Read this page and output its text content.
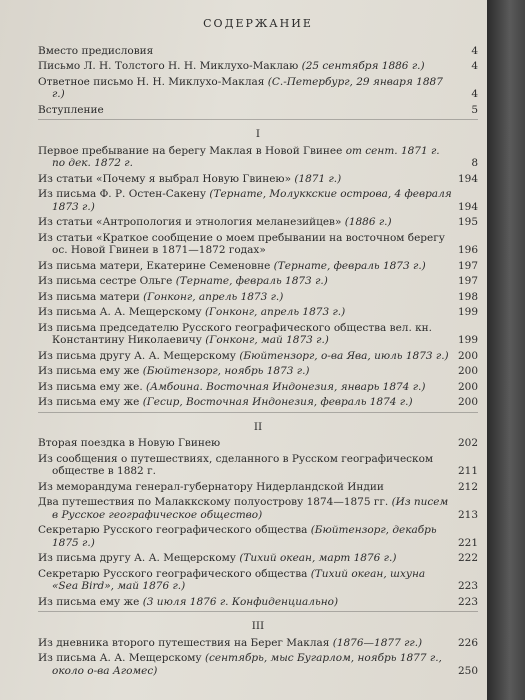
СОДЕРЖАНИЕ
Вместо предисловия	4
Письмо Л. Н. Толстого Н. Н. Миклухо-Маклаю (25 сентября 1886 г.)	4
Ответное письмо Н. Н. Миклухо-Маклая (С.-Петербург, 29 января 1887 г.)	4
Вступление	5
I
Первое пребывание на берегу Маклая в Новой Гвинее от сент. 1871 г. по дек. 1872 г.	8
Из статьи «Почему я выбрал Новую Гвинею» (1871 г.)	194
Из письма Ф. Р. Остен-Сакену (Тернате, Молуккские острова, 4 февраля 1873 г.)	194
Из статьи «Антропология и этнология меланезийцев» (1886 г.)	195
Из статьи «Краткое сообщение о моем пребывании на восточном берегу ос. Новой Гвинеи в 1871—1872 годах»	196
Из письма матери, Екатерине Семеновне (Тернате, февраль 1873 г.)	197
Из письма сестре Ольге (Тернате, февраль 1873 г.)	197
Из письма матери (Гонконг, апрель 1873 г.)	198
Из письма А. А. Мещерскому (Гонконг, апрель 1873 г.)	199
Из письма председателю Русского географического общества вел. кн. Константину Николаевичу (Гонконг, май 1873 г.)	199
Из письма другу А. А. Мещерскому (Бюйтензорг, о-ва Ява, июль 1873 г.) 200
Из письма ему же (Бюйтензорг, ноябрь 1873 г.)	200
Из письма ему же. (Амбоина. Восточная Индонезия, январь 1874 г.)	200
Из письма ему же (Гесир, Восточная Индонезия, февраль 1874 г.)	200
II
Вторая поездка в Новую Гвинею	202
Из сообщения о путешествиях, сделанного в Русском географическом обществе в 1882 г.	211
Из меморандума генерал-губернатору Нидерландской Индии	212
Два путешествия по Малаккскому полуострову 1874—1875 гг. (Из писем в Русское географическое общество)	213
Секретарю Русского географического общества (Бюйтензорг, декабрь 1875 г.)	221
Из письма другу А. А. Мещерскому (Тихий океан, март 1876 г.)	222
Секретарю Русского географического общества (Тихий океан, шхуна «Sea Bird», май 1876 г.)	223
Из письма ему же (3 июля 1876 г. Конфиденциально)	223
III
Из дневника второго путешествия на Берег Маклая (1876—1877 гг.)	226
Из письма А. А. Мещерскому (сентябрь, мыс Бугарлом, ноябрь 1877 г., около о-ва Агомес)	250
